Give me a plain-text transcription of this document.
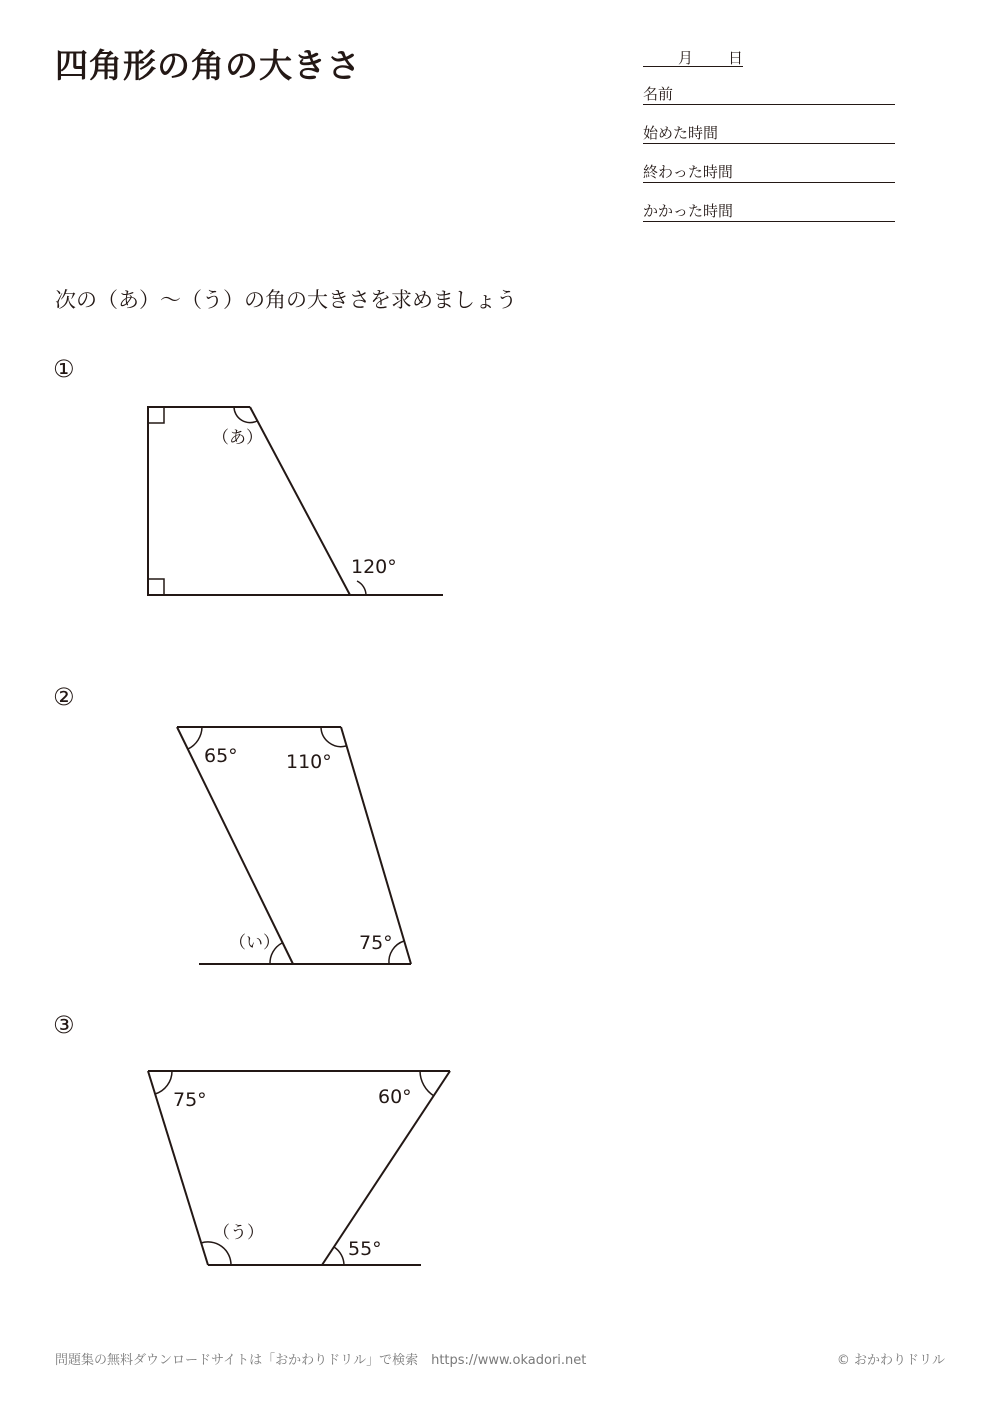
四角形の角の大きさ	月 日
名前
始めた時間
終わった時間
かかった時間
次の（あ）～（う）の角の大きさを求めましょう
①
②
③
（あ）
120°
65°	110°
（い）	75°
75°	60°
（う）
55°
問題集の無料ダウンロードサイトは「おかわりドリル」で検索　https://www.okadori.net	© おかわりドリル
